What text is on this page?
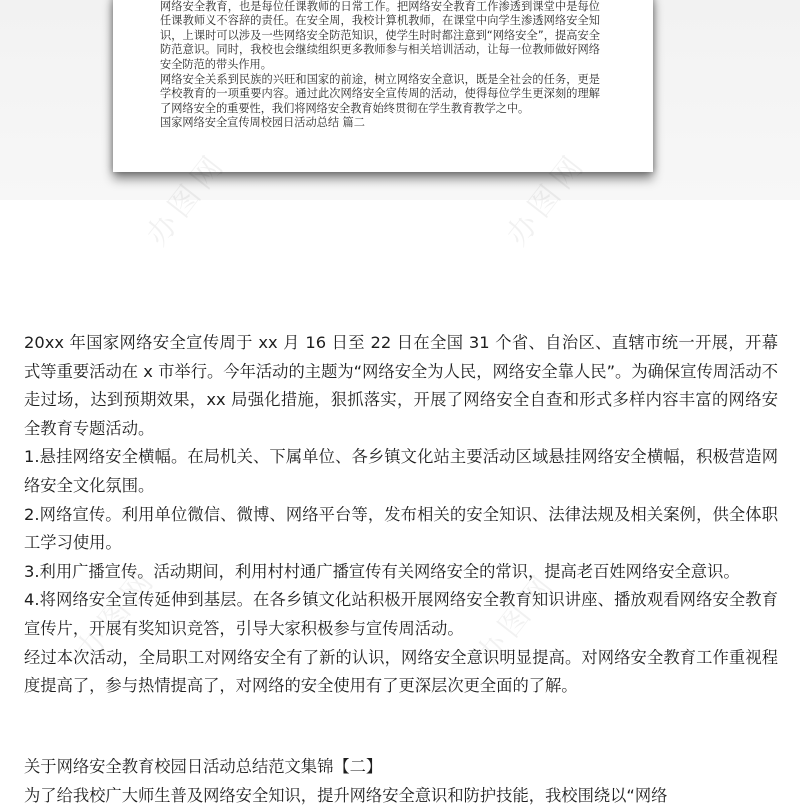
网络安全教育，也是每位任课教师的日常工作。把网络安全教育工作渗透到课堂中是每位任课教师义不容辞的责任。在安全周，我校计算机教师，在课堂中向学生渗透网络安全知识，上课时可以涉及一些网络安全防范知识，使学生时时都注意到“网络安全”，提高安全防范意识。同时，我校也会继续组织更多教师参与相关培训活动，让每一位教师做好网络安全防范的带头作用。

网络安全关系到民族的兴旺和国家的前途，树立网络安全意识，既是全社会的任务，更是学校教育的一项重要内容。通过此次网络安全宣传周的活动，使得每位学生更深刻的理解了网络安全的重要性，我们将网络安全教育始终贯彻在学生教育教学之中。

国家网络安全宣传周校园日活动总结 篇二

办图网	办图网

20xx 年国家网络安全宣传周于 xx 月 16 日至 22 日在全国 31 个省、自治区、直辖市统一开展，开幕式等重要活动在 x 市举行。今年活动的主题为“网络安全为人民，网络安全靠人民”。为确保宣传周活动不走过场，达到预期效果，xx 局强化措施，狠抓落实，开展了网络安全自查和形式多样内容丰富的网络安全教育专题活动。

1.悬挂网络安全横幅。在局机关、下属单位、各乡镇文化站主要活动区域悬挂网络安全横幅，积极营造网络安全文化氛围。

2.网络宣传。利用单位微信、微博、网络平台等，发布相关的安全知识、法律法规及相关案例，供全体职工学习使用。

3.利用广播宣传。活动期间，利用村村通广播宣传有关网络安全的常识，提高老百姓网络安全意识。

4.将网络安全宣传延伸到基层。在各乡镇文化站积极开展网络安全教育知识讲座、播放观看网络安全教育宣传片，开展有奖知识竞答，引导大家积极参与宣传周活动。

经过本次活动，全局职工对网络安全有了新的认识，网络安全意识明显提高。对网络安全教育工作重视程度提高了，参与热情提高了，对网络的安全使用有了更深层次更全面的了解。

关于网络安全教育校园日活动总结范文集锦【二】

为了给我校广大师生普及网络安全知识，提升网络安全意识和防护技能，我校围绕以“网络
